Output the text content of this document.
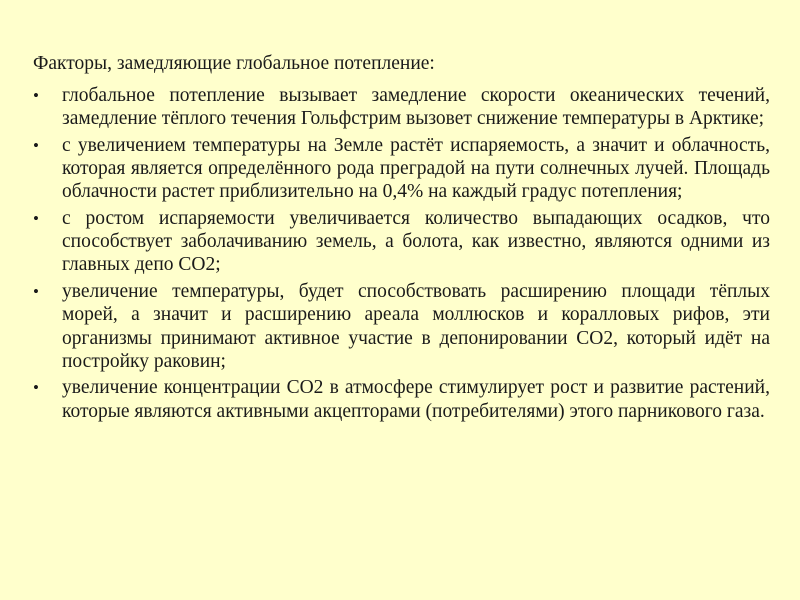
Факторы, замедляющие глобальное потепление:

• глобальное потепление вызывает замедление скорости океанических течений, замедление тёплого течения Гольфстрим вызовет снижение температуры в Арктике;
• с увеличением температуры на Земле растёт испаряемость, а значит и облачность, которая является определённого рода преградой на пути солнечных лучей. Площадь облачности растет приблизительно на 0,4% на каждый градус потепления;
• с ростом испаряемости увеличивается количество выпадающих осадков, что способствует заболачиванию земель, а болота, как известно, являются одними из главных депо СО2;
• увеличение температуры, будет способствовать расширению площади тёплых морей, а значит и расширению ареала моллюсков и коралловых рифов, эти организмы принимают активное участие в депонировании СО2, который идёт на постройку раковин;
• увеличение концентрации СО2 в атмосфере стимулирует рост и развитие растений, которые являются активными акцепторами (потребителями) этого парникового газа.
